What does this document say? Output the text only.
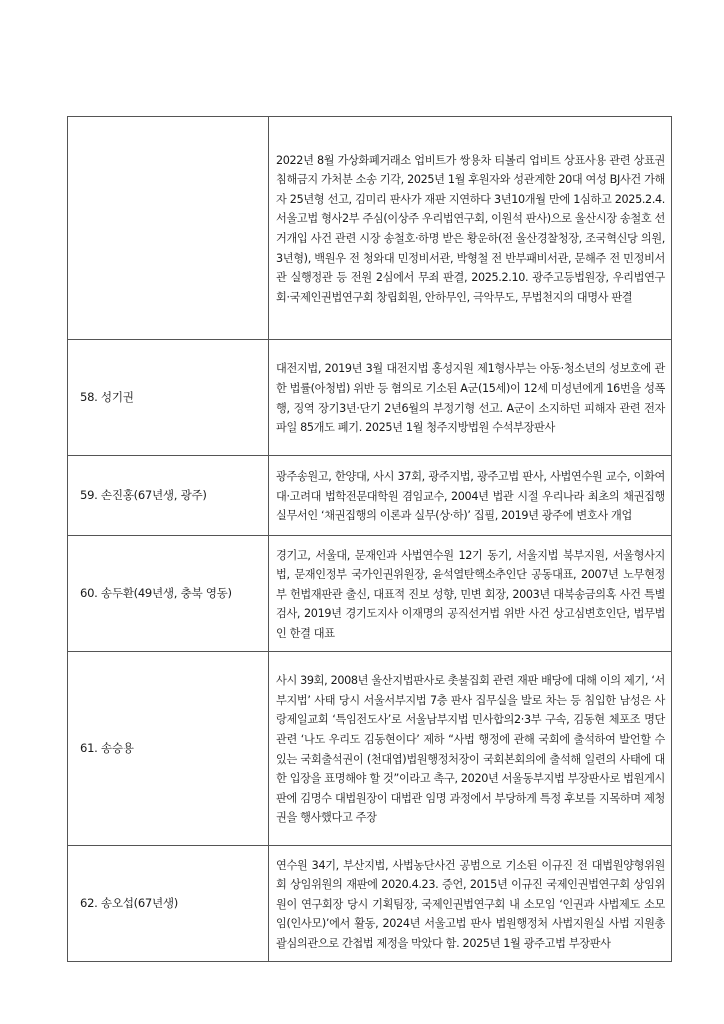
	2022년 8월 가상화폐거래소 업비트가 쌍용차 티볼리 업비트 상표사용 관련 상표권 침해금지 가처분 소송 기각, 2025년 1월 후원자와 성관계한 20대 여성 BJ사건 가해자 25년형 선고, 김미리 판사가 재판 지연하다 3년10개월 만에 1심하고 2025.2.4.서울고법 형사2부 주심(이상주 우리법연구회, 이원석 판사)으로 울산시장 송철호 선거개입 사건 관련 시장 송철호·하명 받은 황운하(전 울산경찰청장, 조국혁신당 의원, 3년형), 백원우 전 청와대 민정비서관, 박형철 전 반부패비서관, 문해주 전 민정비서관 실행정관 등 전원 2심에서 무죄 판결, 2025.2.10. 광주고등법원장, 우리법연구회·국제인권법연구회 창립회원, 안하무인, 극악무도, 무법천지의 대명사 판결
58. 성기권	대전지법, 2019년 3월 대전지법 홍성지원 제1형사부는 아동·청소년의 성보호에 관한 법률(아청법) 위반 등 혐의로 기소된 A군(15세)이 12세 미성년에게 16번을 성폭행, 징역 장기3년·단기 2년6월의 부정기형 선고. A군이 소지하던 피해자 관련 전자파일 85개도 폐기. 2025년 1월 청주지방법원 수석부장판사
59. 손진홍(67년생, 광주)	광주송원고, 한양대, 사시 37회, 광주지법, 광주고법 판사, 사법연수원 교수, 이화여대·고려대 법학전문대학원 겸임교수, 2004년 법관 시절 우리나라 최초의 채권집행 실무서인 ‘채권집행의 이론과 실무(상·하)’ 집필, 2019년 광주에 변호사 개업
60. 송두환(49년생, 충북 영동)	경기고, 서울대, 문재인과 사법연수원 12기 동기, 서울지법 북부지원, 서울형사지법, 문재인정부 국가인권위원장, 윤석열탄핵소추인단 공동대표, 2007년 노무현정부 헌법재판관 출신, 대표적 진보 성향, 민변 회장, 2003년 대북송금의혹 사건 특별검사, 2019년 경기도지사 이재명의 공직선거법 위반 사건 상고심변호인단, 법무법인 한결 대표
61. 송승용	사시 39회, 2008년 울산지법판사로 촛불집회 관련 재판 배당에 대해 이의 제기, ‘서부지법’ 사태 당시 서울서부지법 7층 판사 집무실을 발로 차는 등 침입한 남성은 사랑제일교회 ‘특임전도사’로 서울남부지법 민사합의2·3부 구속, 김동현 체포조 명단 관련 ‘나도 우리도 김동현이다’ 제하 “사법 행정에 관해 국회에 출석하여 발언할 수 있는 국회출석권이 (천대엽)법원행정처장이 국회본회의에 출석해 일련의 사태에 대한 입장을 표명해야 할 것”이라고 촉구, 2020년 서울동부지법 부장판사로 법원게시판에 김명수 대법원장이 대법관 임명 과정에서 부당하게 특정 후보를 지목하며 제청권을 행사했다고 주장
62. 송오섭(67년생)	연수원 34기, 부산지법, 사법농단사건 공범으로 기소된 이규진 전 대법원양형위원회 상임위원의 재판에 2020.4.23. 증언, 2015년 이규진 국제인권법연구회 상임위원이 연구회장 당시 기획팀장, 국제인권법연구회 내 소모임 ‘인권과 사법제도 소모임(인사모)’에서 활동, 2024년 서울고법 판사 법원행정처 사법지원실 사법 지원총괄심의관으로 간첩법 제정을 막았다 함. 2025년 1월 광주고법 부장판사
